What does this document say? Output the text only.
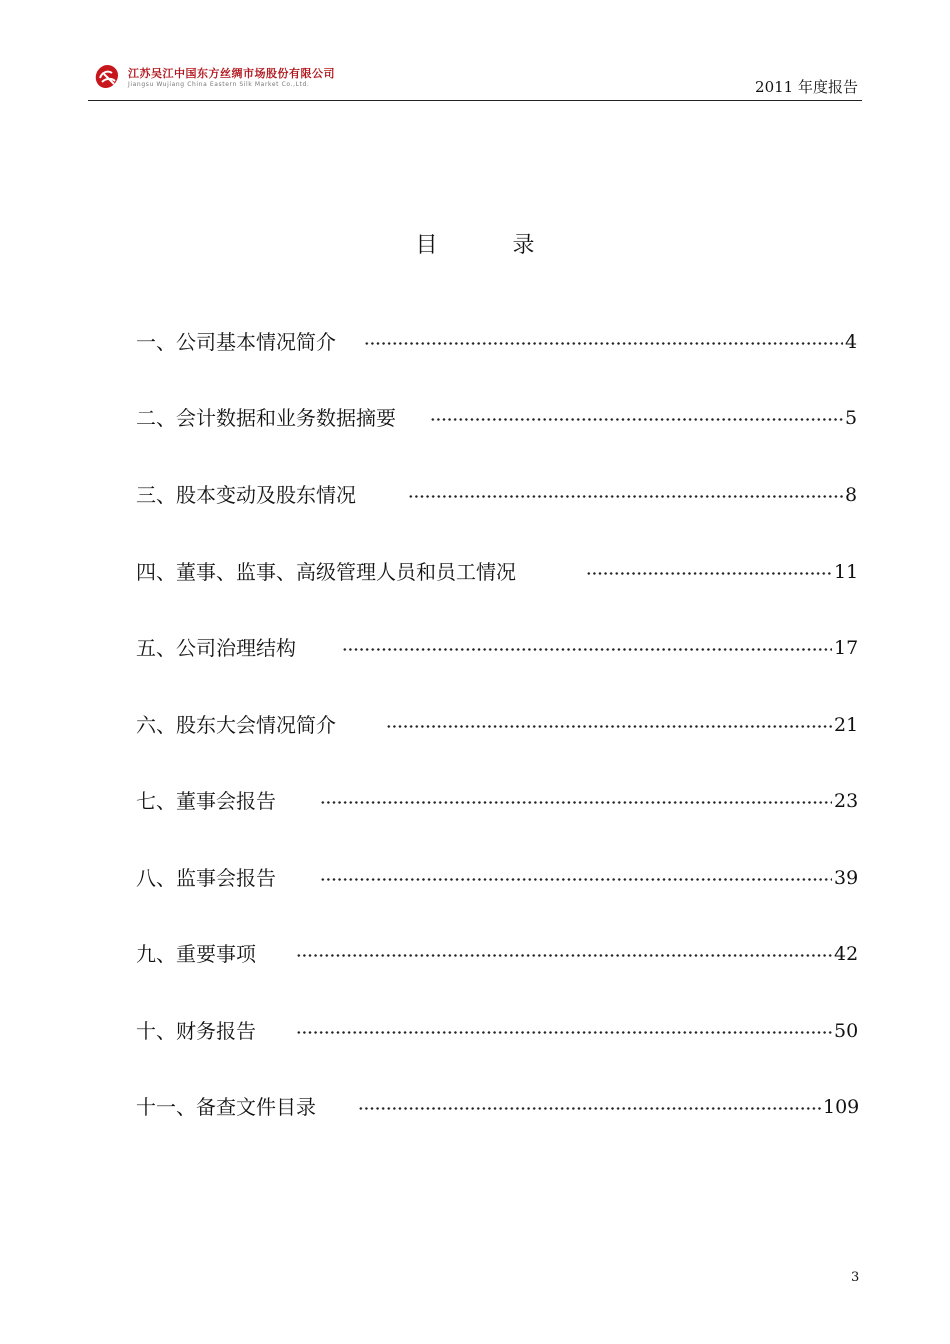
江苏吴江中国东方丝绸市场股份有限公司
Jiangsu Wujiang China Eastern Silk Market Co.,Ltd.	2011 年度报告
目 录
一、公司基本情况简介	4
二、会计数据和业务数据摘要	5
三、股本变动及股东情况	8
四、董事、监事、高级管理人员和员工情况	11
五、公司治理结构	17
六、股东大会情况简介	21
七、董事会报告	23
八、监事会报告	39
九、重要事项	42
十、财务报告	50
十一、备查文件目录	109
3
